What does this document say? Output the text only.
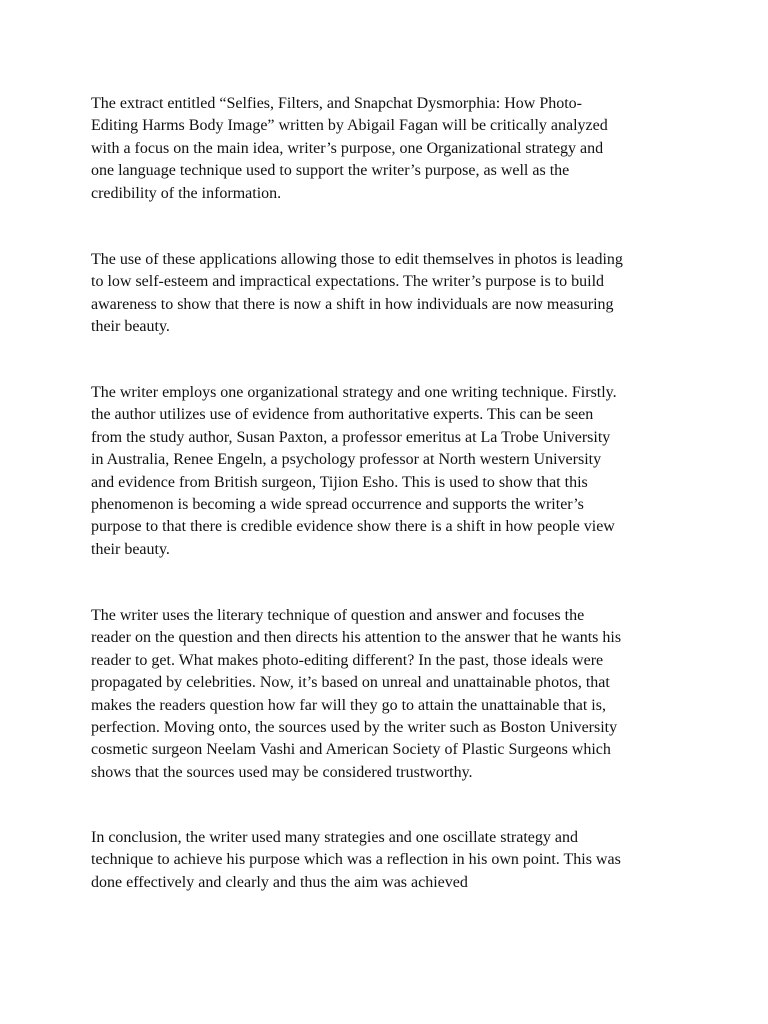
The extract entitled “Selfies, Filters, and Snapchat Dysmorphia: How Photo-
Editing Harms Body Image” written by Abigail Fagan will be critically analyzed
with a focus on the main idea, writer’s purpose, one Organizational strategy and
one language technique used to support the writer’s purpose, as well as the
credibility of the information.

The use of these applications allowing those to edit themselves in photos is leading
to low self-esteem and impractical expectations. The writer’s purpose is to build
awareness to show that there is now a shift in how individuals are now measuring
their beauty.

The writer employs one organizational strategy and one writing technique. Firstly.
the author utilizes use of evidence from authoritative experts. This can be seen
from the study author, Susan Paxton, a professor emeritus at La Trobe University
in Australia, Renee Engeln, a psychology professor at North western University
and evidence from British surgeon, Tijion Esho. This is used to show that this
phenomenon is becoming a wide spread occurrence and supports the writer’s
purpose to that there is credible evidence show there is a shift in how people view
their beauty.

The writer uses the literary technique of question and answer and focuses the
reader on the question and then directs his attention to the answer that he wants his
reader to get. What makes photo-editing different? In the past, those ideals were
propagated by celebrities. Now, it’s based on unreal and unattainable photos, that
makes the readers question how far will they go to attain the unattainable that is,
perfection. Moving onto, the sources used by the writer such as Boston University
cosmetic surgeon Neelam Vashi and American Society of Plastic Surgeons which
shows that the sources used may be considered trustworthy.

In conclusion, the writer used many strategies and one oscillate strategy and
technique to achieve his purpose which was a reflection in his own point. This was
done effectively and clearly and thus the aim was achieved
